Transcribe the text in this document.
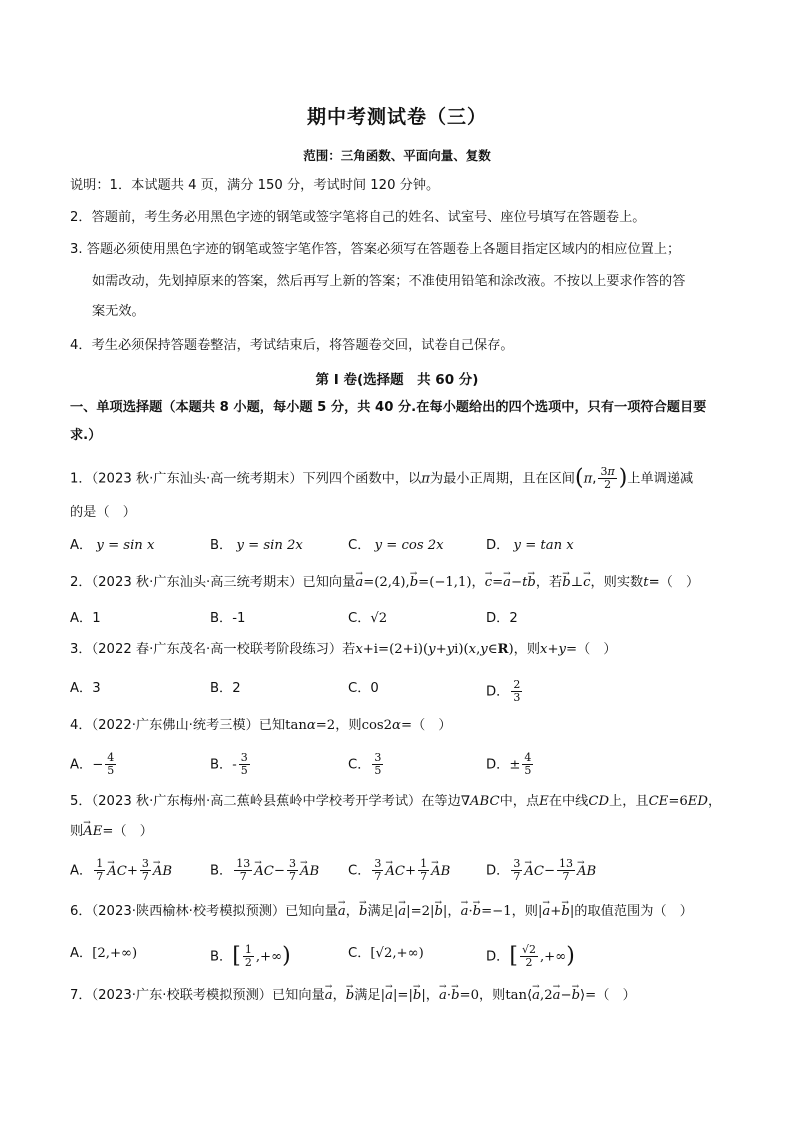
期中考测试卷（三）
范围：三角函数、平面向量、复数
说明：1．本试题共 4 页，满分 150 分，考试时间 120 分钟。
2．答题前，考生务必用黑色字迹的钢笔或签字笔将自己的姓名、试室号、座位号填写在答题卷上。
3. 答题必须使用黑色字迹的钢笔或签字笔作答，答案必须写在答题卷上各题目指定区域内的相应位置上；
如需改动，先划掉原来的答案，然后再写上新的答案；不准使用铅笔和涂改液。不按以上要求作答的答
案无效。
4．考生必须保持答题卷整洁，考试结束后，将答题卷交回，试卷自己保存。
第 I 卷(选择题　共 60 分)
一、单项选择题（本题共 8 小题，每小题 5 分，共 40 分.在每小题给出的四个选项中，只有一项符合题目要
求.）
1．（2023 秋·广东汕头·高一统考期末）下列四个函数中，以π为最小正周期，且在区间(π, $\frac{3\pi}{2}$ )上单调递减
的是（　）
A． y = sin x	B． y = sin 2x	C． y = cos 2x	D． y = tan x
2．（2023 秋·广东汕头·高三统考期末）已知向量→ a=(2,4),→ b=(−1,1)，→ c=→ a−t→ b，若→ b⊥→ c，则实数t=（　）
A．1	B．-1	C．√2	D．2
3．（2022 春·广东茂名·高一校联考阶段练习）若x+i=(2+i)(y+yi)(x,y∈R)，则x+y=（　）
A．3	B．2	C．0	D． $\frac{2}{3}$
4．（2022·广东佛山·统考三模）已知tanα=2，则cos2α=（　）
A．− $\frac{4}{5}$	B．- $\frac{3}{5}$	C． $\frac{3}{5}$	D．± $\frac{4}{5}$
5．（2023 秋·广东梅州·高二蕉岭县蕉岭中学校考开学考试）在等边∇ABC中，点E在中线CD上，且CE=6ED，
则→ AE=（　）
A． $\frac{1}{7}$
→ $AC+ \frac{3}{7}$
→ AB	B． $\frac{13}{7}$
→ $AC- \frac{3}{7}$
→ AB C． $\frac{3}{7}$
→ $AC+ \frac{1}{7}$
→ AB	D． $\frac{3}{7}$
→ $AC- \frac{13}{7}$
→ AB
6．（2023·陕西榆林·校考模拟预测）已知向量→ a，→ b满足|→ a|=2|→ b|，→ a·→ b=−1，则|→ a+→ b|的取值范围为（　）
A．[2,+∞)	B．[ $\frac{1}{2}$ ,+∞)	C．[√2,+∞)	D．[ $\frac{√2}{2}$ ,+∞)
7．（2023·广东·校联考模拟预测）已知向量→ a，→ b满足|→ a|=|→ b|，→ a·→ b=0，则tan⟨→ a,2→ a−→ b⟩=（　）
